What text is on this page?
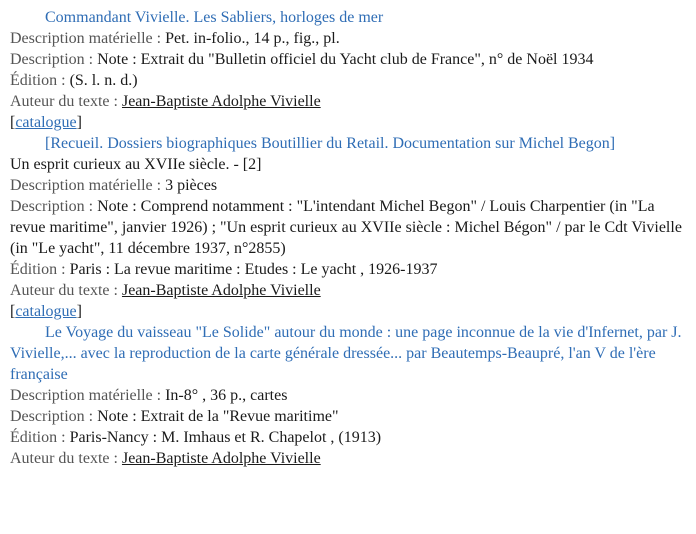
Commandant Vivielle. Les Sabliers, horloges de mer
Description matérielle : Pet. in-folio., 14 p., fig., pl.
Description : Note : Extrait du "Bulletin officiel du Yacht club de France", n° de Noël 1934
Édition : (S. l. n. d.)
Auteur du texte : Jean-Baptiste Adolphe Vivielle
[catalogue]
[Recueil. Dossiers biographiques Boutillier du Retail. Documentation sur Michel Begon]
Un esprit curieux au XVIIe siècle. - [2]
Description matérielle : 3 pièces
Description : Note : Comprend notamment : "L'intendant Michel Begon" / Louis Charpentier (in "La revue maritime", janvier 1926) ; "Un esprit curieux au XVIIe siècle : Michel Bégon" / par le Cdt Vivielle (in "Le yacht", 11 décembre 1937, n°2855)
Édition : Paris : La revue maritime : Etudes : Le yacht , 1926-1937
Auteur du texte : Jean-Baptiste Adolphe Vivielle
[catalogue]
Le Voyage du vaisseau "Le Solide" autour du monde : une page inconnue de la vie d'Infernet, par J. Vivielle,... avec la reproduction de la carte générale dressée... par Beautemps-Beaupré, l'an V de l'ère française
Description matérielle : In-8° , 36 p., cartes
Description : Note : Extrait de la "Revue maritime"
Édition : Paris-Nancy : M. Imhaus et R. Chapelot , (1913)
Auteur du texte : Jean-Baptiste Adolphe Vivielle
